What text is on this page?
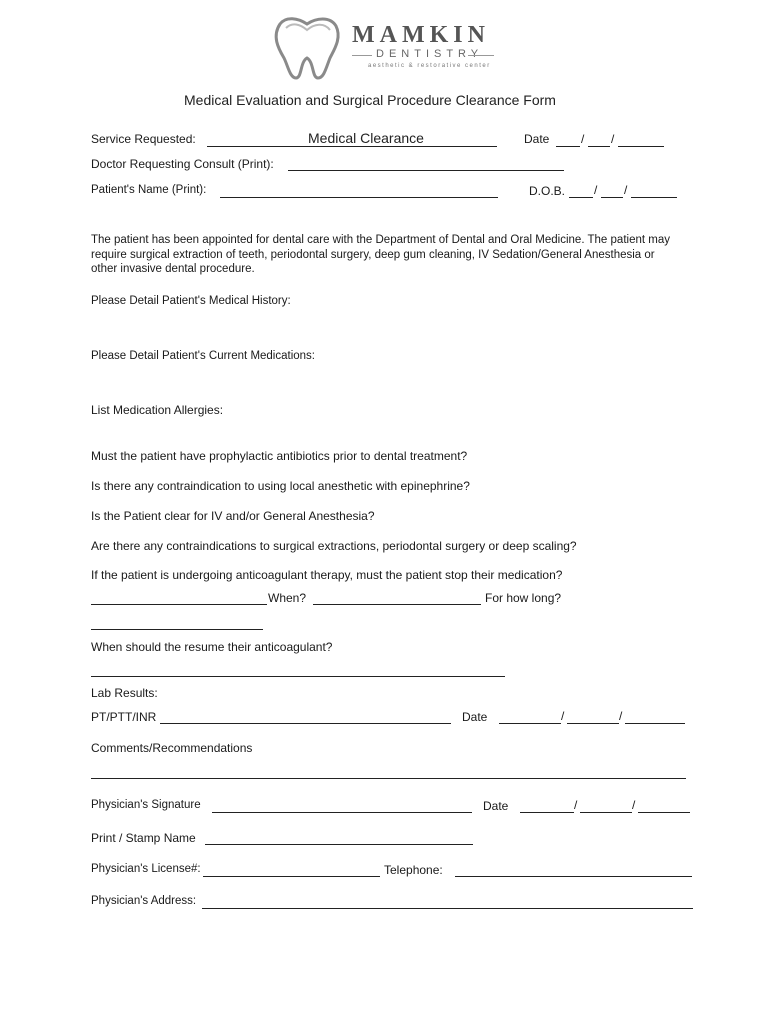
MAMKIN
DENTISTRY
aesthetic & restorative center
Medical Evaluation and Surgical Procedure Clearance Form
Service Requested:	Medical Clearance	Date	/ /
Doctor Requesting Consult (Print):
Patient's Name (Print):	D.O.B. / /
The patient has been appointed for dental care with the Department of Dental and Oral Medicine. The patient may require surgical extraction of teeth, periodontal surgery, deep gum cleaning, IV Sedation/General Anesthesia or other invasive dental procedure.
Please Detail Patient's Medical History:
Please Detail Patient's Current Medications:
List Medication Allergies:
Must the patient have prophylactic antibiotics prior to dental treatment?
Is there any contraindication to using local anesthetic with epinephrine?
Is the Patient clear for IV and/or General Anesthesia?
Are there any contraindications to surgical extractions, periodontal surgery or deep scaling?
If the patient is undergoing anticoagulant therapy, must the patient stop their medication?
When?	For how long?
When should the resume their anticoagulant?
Lab Results:
PT/PTT/INR	Date	/	/
Comments/Recommendations
Physician's Signature	Date	/	/
Print / Stamp Name
Physician's License#:	Telephone:
Physician's Address:
